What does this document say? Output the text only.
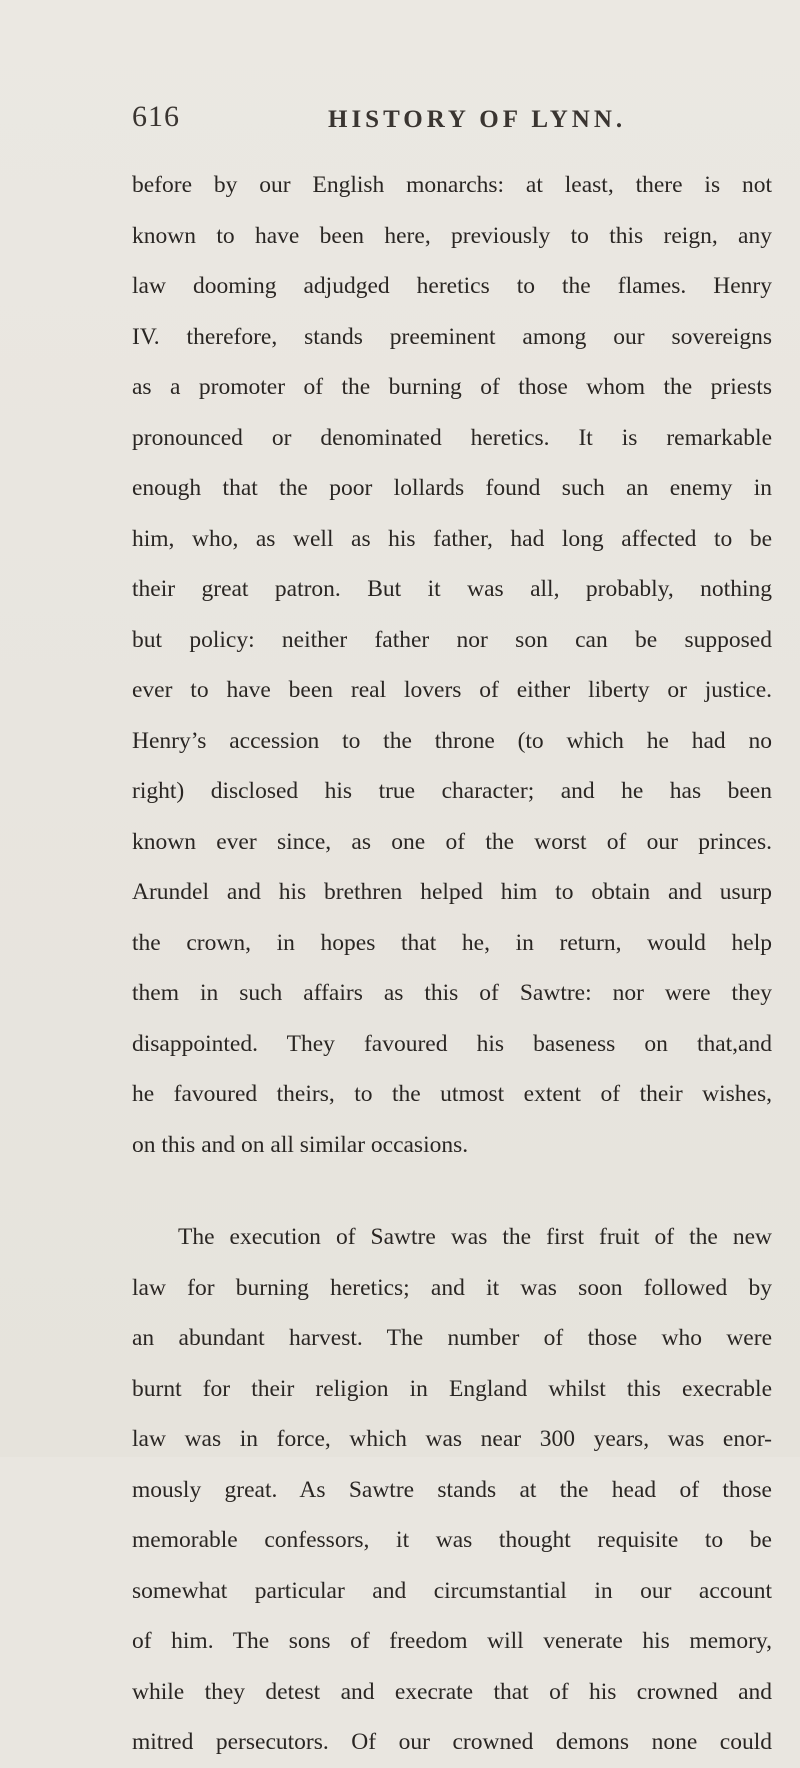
616	HISTORY OF LYNN.
before by our English monarchs: at least, there is not
known to have been here, previously to this reign, any
law dooming adjudged heretics to the flames. Henry
IV. therefore, stands preeminent among our sovereigns
as a promoter of the burning of those whom the priests
pronounced or denominated heretics. It is remarkable
enough that the poor lollards found such an enemy in
him, who, as well as his father, had long affected to be
their great patron. But it was all, probably, nothing
but policy: neither father nor son can be supposed
ever to have been real lovers of either liberty or justice.
Henry’s accession to the throne (to which he had no
right) disclosed his true character; and he has been
known ever since, as one of the worst of our princes.
Arundel and his brethren helped him to obtain and usurp
the crown, in hopes that he, in return, would help
them in such affairs as this of Sawtre: nor were they
disappointed. They favoured his baseness on that,and
he favoured theirs, to the utmost extent of their wishes,
on this and on all similar occasions.
The execution of Sawtre was the first fruit of the new
law for burning heretics; and it was soon followed by
an abundant harvest. The number of those who were
burnt for their religion in England whilst this execrable
law was in force, which was near 300 years, was enor-
mously great. As Sawtre stands at the head of those
memorable confessors, it was thought requisite to be
somewhat particular and circumstantial in our account
of him. The sons of freedom will venerate his memory,
while they detest and execrate that of his crowned and
mitred persecutors. Of our crowned demons none could
